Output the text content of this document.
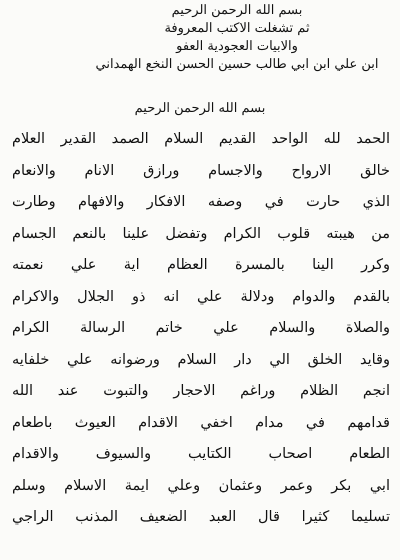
بسم الله الرحمن الرحيم
ثم تشغلت الاكتب المعروفة
والابيات العجودية العفو
ابن علي ابن ابي طالب حسين الحسن النخع الهمداني
بسم الله الرحمن الرحيم
الحمد لله الواحد القديم السلام الصمد القدير العلام
خالق الارواح والاجسام ورازق الانام والانعام
الذي حارت في وصفه الافكار والافهام وطارت
من هيبته قلوب الكرام وتفضل علينا بالنعم الجسام
وكرر الينا بالمسرة العظام اية علي نعمته
بالقدم والدوام ودلالة علي انه ذو الجلال والاكرام
والصلاة والسلام علي خاتم الرسالة الكرام
وقايد الخلق الي دار السلام ورضوانه علي خلفايه
انجم الظلام وراغم الاحجار والتبوت عند الله
قدامهم في مدام اخفي الاقدام العيوث باطعام
الطعام اصحاب الكتايب والسيوف والاقدام
ابي بكر وعمر وعثمان وعلي ايمة الاسلام وسلم
تسليما كثيرا قال العبد الضعيف المذنب الراجي
